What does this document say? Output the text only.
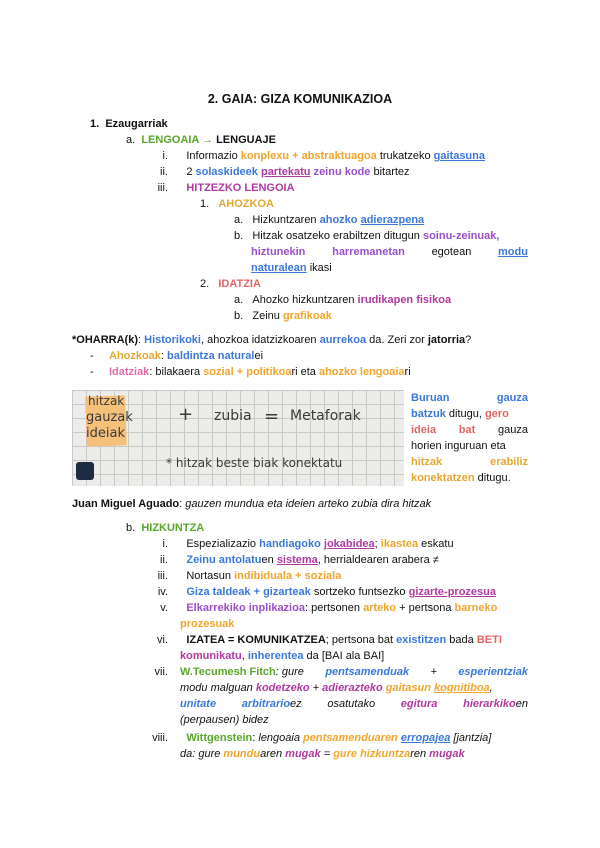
2. GAIA: GIZA KOMUNIKAZIOA
1. Ezaugarriak
a. LENGOAIA → LENGUAJE
i. Informazio konplexu + abstraktuagoa trukatzeko gaitasuna
ii. 2 solaskideek partekatu zeinu kode bitartez
iii. HITZEZKO LENGOIA
1. AHOZKOA
a. Hizkuntzaren ahozko adierazpena
b. Hitzak osatzeko erabiltzen ditugun soinu-zeinuak,
hiztunekin harremanetan egotean modu
naturalean ikasi
2. IDATZIA
a. Ahozko hizkuntzaren irudikapen fisikoa
b. Zeinu grafikoak
*OHARRA(k): Historikoki, ahozkoa idatzizkoaren aurrekoa da. Zeri zor jatorria?
- Ahozkoak: baldintza naturalei
- Idatziak: bilakaera sozial + politikoari eta ahozko lengoaiari
hitzak
gauzak
ideiak
+ zubia = Metaforak
* hitzak beste biak konektatu
Buruan	gauza
batzuk ditugu, gero
ideia bat gauza
horien inguruan eta
hitzak	erabiliz
konektatzen ditugu.
Juan Miguel Aguado: gauzen mundua eta ideien arteko zubia dira hitzak
b. HIZKUNTZA
i. Espezializazio handiagoko jokabidea; ikastea eskatu
ii. Zeinu antolatuen sistema, herrialdearen arabera ≠
iii. Nortasun indibiduala + soziala
iv. Giza taldeak + gizarteak sortzeko funtsezko gizarte-prozesua
v. Elkarrekiko inplikazioa: pertsonen arteko + pertsona barneko
prozesuak
vi. IZATEA = KOMUNIKATZEA; pertsona bat existitzen bada BETI
komunikatu, inherentea da [BAI ala BAI]
vii. W.Tecumesh Fitch: gure pentsamenduak + esperientziak
modu malguan kodetzeko + adierazteko gaitasun kognitiboa,
unitate arbitrarioez osatutako egitura hierarkikoen
(perpausen) bidez
viii. Wittgenstein: lengoaia pentsamenduaren erropajea [jantzia]
da: gure munduaren mugak = gure hizkuntzaren mugak
